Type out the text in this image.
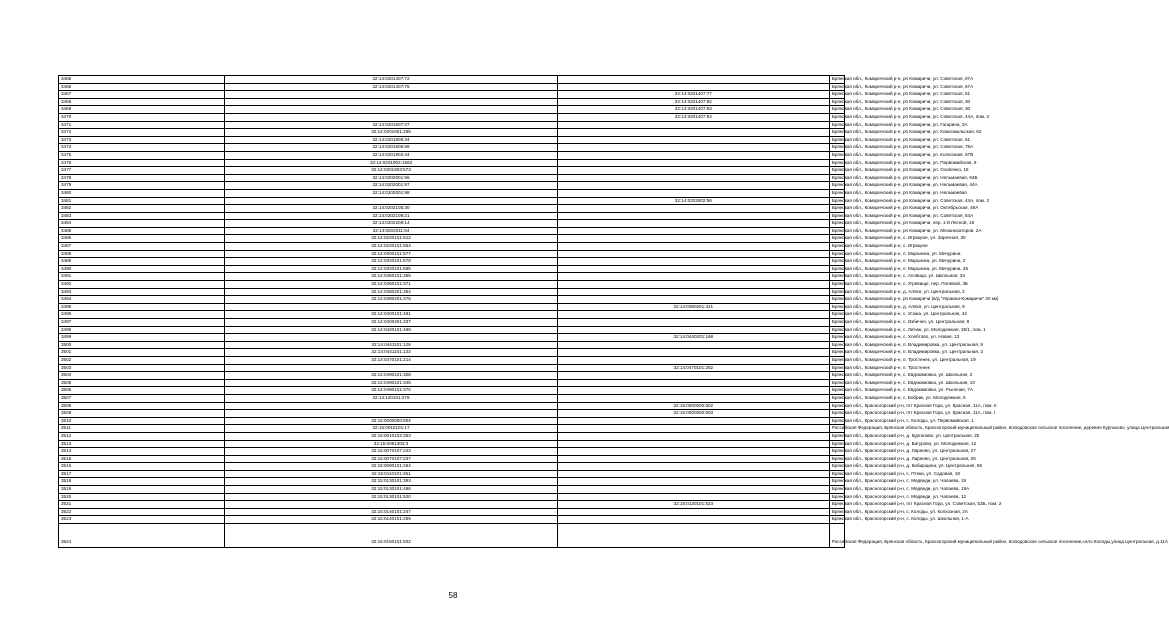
3465	32:14:0201407:72		Брянская обл., Комаричский р-н, рп Комаричи, ул. Советская, 67А
3466	32:14:0201407:75		Брянская обл., Комаричский р-н, рп Комаричи, ул. Советская, 67А
3467		32:14:0201407:77	Брянская обл., Комаричский р-н, рп Комаричи, ул. Советская, 51
3468		32:14:0201407:82	Брянская обл., Комаричский р-н, рп Комаричи, ул. Советская, 30
3469		32:14:0201407:83	Брянская обл., Комаричский р-н, рп Комаричи, ул. Советская, 30
3470		32:14:0201407:84	Брянская обл., Комаричский р-н, рп Комаричи, ул. Советская, 44А, пом. 2
3471	32:14:0201507:37		Брянская обл., Комаричский р-н, рп Комаричи, ул. Гагарина, 2А
3472	32:14:0201601:295		Брянская обл., Комаричский р-н, рп Комаричи, ул. Комсомольская, 62
3473	32:14:0201605:34		Брянская обл., Комаричский р-н, рп Комаричи, ул. Советская, 61
3474	32:14:0201606:58		Брянская обл., Комаричский р-н, рп Комаричи, ул. Советская, 75А
3475	32:14:0201902:44		Брянская обл., Комаричский р-н, рп Комаричи, ул. Колхозная, 57В
3476	32:14:0201903:1563		Брянская обл., Комаричский р-н, рп Комаричи, ул. Первомайская, 9
3477	32:14:0201903:573		Брянская обл., Комаричский р-н, рп Комаричи, ул. Осипенко, 15
3478	32:14:0202001:96		Брянская обл., Комаричский р-н, рп Комаричи, ул. Нельмаевая, 64Б
3479	32:14:0202001:97		Брянская обл., Комаричский р-н, рп Комаричи, ул. Нельмаевая, 44А
3480	32:14:0202001:98		Брянская обл., Комаричский р-н, рп Комаричи, ул. Нельмаевая
3481		32:14:0202002:56	Брянская обл., Комаричский р-н, рп Комаричи, ул. Советская, 44А, пом. 2
3482	32:14:0202105:30		Брянская обл., Комаричский р-н, рп Комаричи, ул. Октябрьская, 46А
3483	32:14:0202109:21		Брянская обл., Комаричский р-н, рп Комаричи, ул. Советская, 64А
3484	32:14:0202208:14		Брянская обл., Комаричский р-н, рп Комаричи, пер. 1-й Лесной, 15
3485	32:14:0202311:54		Брянская обл., Комаричский р-н, рп Комаричи, ул. Механизаторов, 2А
3486	32:14:0220101:512		Брянская обл., Комаричский р-н, с. Игрицкое, ул. Заречная, 30
3487	32:14:0220101:654		Брянская обл., Комаричский р-н, с. Игрицкое
3488	32:14:0300101:577		Брянская обл., Комаричский р-н, п. Марьинка, ул. Мичурина
3489	32:14:0320101:678		Брянская обл., Комаричский р-н, п. Марьинка, ул. Мичурина, 2
3490	32:14:0320101:695		Брянская обл., Комаричский р-н, п. Марьинка, ул. Мичурина, 35
3491	32:14:0350101:355		Брянская обл., Комаричский р-н, с. Асовица, ул. Школьная, 34
3492	32:14:0360101:371		Брянская обл., Комаричский р-н, с. Угревище, пер. Полевой, 3Б
3493	32:14:0380201:354		Брянская обл., Комаричский р-н, д. Аляхя, ул. Центральная, 2
3494	32:14:0380201:375		Брянская обл., Комаричский р-н, рп Комаричи (в/д "Украина-Комаричи" 20 км)
3495		32:14:0380201:421	Брянская обл., Комаричский р-н, д. Аляхя, ул. Центральная, 8
3496	32:14:0400101:461		Брянская обл., Комаричский р-н, с. Усожа, ул. Центральная, 42
3497	32:14:0400401:337		Брянская обл., Комаричский р-н, с. Избичня, ул. Центральная, 8
3498	32:14:0420101:469		Брянская обл., Комаричский р-н, с. Литиж, ул. Молодежная, 35/1, пом. 1
3499		32:14:0440201:168	Брянская обл., Комаричский р-н, с. Хлебтово, ул. Новая, 13
3500	32:14:0441101:129		Брянская обл., Комаричский р-н, п. Владимировка, ул. Центральная, 8
3501	32:14:0441101:133		Брянская обл., Комаричский р-н, п. Владимировка, ул. Центральная, 3
3502	32:14:0470101:214		Брянская обл., Комаричский р-н, п. Тростенек, ул. Центральная, 19
3503		32:14:0470101:252	Брянская обл., Комаричский р-н, п. Тростенек
3504	32:14:0490101:308		Брянская обл., Комаричский р-н, с. Евдокимовка, ул. Школьная, 2
3505	32:14:0490101:345		Брянская обл., Комаричский р-н, с. Евдокимовка, ул. Школьная, 10
3506	32:14:0490101:370		Брянская обл., Комаричский р-н, с. Евдокимовка, ул. Рыночая, 7А
3507	32:14:120101:276		Брянская обл., Комаричский р-н, с. Бобрик, ул. Молодежная, 5
3508		32:15:0000000:602	Брянская обл., Красногорский р-н, пгт Красная Гора, ул. Красная, 11А, пом. II
3509		32:15:0000000:603	Брянская обл., Красногорский р-н, пгт Красная Гора, ул. Красная, 11А, пом. I
3510	32:15:0000000:604		Брянская обл., Красногорский р-н, с. Колоды, ул. Первомайская, 1
3511	32:15:0010101:17		Российская Федерация, Брянская область, Красногорский муниципальный район, Колюдовское сельское поселение, деревня Курганово, улица Центральная
3512	32:15:0010102:353		Брянская обл., Красногорский р-н, д. Курганово, ул. Центральная, 25
3513	32:15:0051303:3		Брянская обл., Красногорский р-н, д. Багурово, ул. Молодежная, 12
3514	32:15:0070107:223		Брянская обл., Красногорский р-н, д. Ларнево, ул. Центральная, 27
3515	32:15:0070107:237		Брянская обл., Красногорский р-н, д. Ларнево, ул. Центральная, 26
3516	32:15:0090101:264		Брянская обл., Красногорский р-н, д. Кибирщина, ул. Центральная, 65
3517	32:15:0110101:261		Брянская обл., Красногорский р-н, с. Птеки, ул. Садовая, 18
3518	32:15:0130101:393		Брянская обл., Красногорский р-н, с. Медведи, ул. Чапаева, 19
3519	32:15:0130101:466		Брянская обл., Красногорский р-н, с. Медведи, ул. Чапаева, 19А
3520	32:15:0130101:520		Брянская обл., Красногорский р-н, с. Медведи, ул. Чапаева, 12
3521		32:15:0130101:523	Брянская обл., Красногорский р-н, пгт Красная Гора, ул. Советская, 52Б, пом. 2
3522	32:15:0140101:247		Брянская обл., Красногорский р-н, с. Колоды, ул. Колхозная, 2А
3523	32:15:0140101:259		Брянская обл., Красногорский р-н, с. Колоды, ул. Школьная, 1-А
3524	32:15:0150101:502		Российская Федерация, Брянская область, Красногорский муниципальный район, Колюдовское сельское поселение,село Колоды,улица Центральная, д.11А
58
